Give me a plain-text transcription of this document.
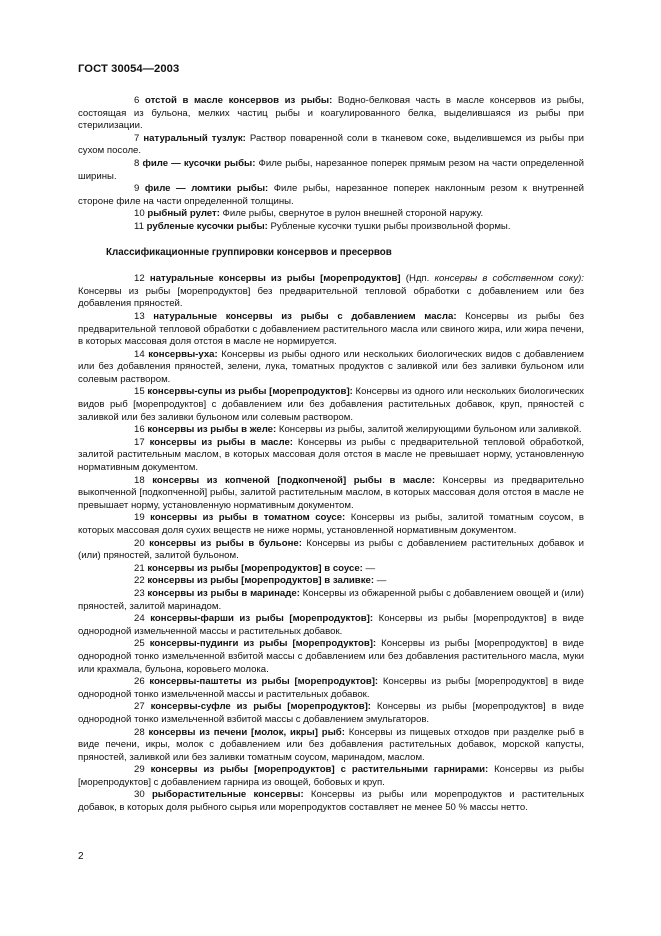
ГОСТ 30054—2003

6 отстой в масле консервов из рыбы: Водно-белковая часть в масле консервов из рыбы, состоящая из бульона, мелких частиц рыбы и коагулированного белка, выделившаяся из рыбы при стерилизации.

7 натуральный тузлук: Раствор поваренной соли в тканевом соке, выделившемся из рыбы при сухом посоле.

8 филе — кусочки рыбы: Филе рыбы, нарезанное поперек прямым резом на части определенной ширины.

9 филе — ломтики рыбы: Филе рыбы, нарезанное поперек наклонным резом к внутренней стороне филе на части определенной толщины.

10 рыбный рулет: Филе рыбы, свернутое в рулон внешней стороной наружу.

11 рубленые кусочки рыбы: Рубленые кусочки тушки рыбы произвольной формы.

Классификационные группировки консервов и пресервов

12 натуральные консервы из рыбы [морепродуктов] (Ндп. консервы в собственном соку): Консервы из рыбы [морепродуктов] без предварительной тепловой обработки с добавлением или без добавления пряностей.

13 натуральные консервы из рыбы с добавлением масла: Консервы из рыбы без предварительной тепловой обработки с добавлением растительного масла или свиного жира, или жира печени, в которых массовая доля отстоя в масле не нормируется.

14 консервы-уха: Консервы из рыбы одного или нескольких биологических видов с добавлением или без добавления пряностей, зелени, лука, томатных продуктов с заливкой или без заливки бульоном или солевым раствором.

15 консервы-супы из рыбы [морепродуктов]: Консервы из одного или нескольких биологических видов рыб [морепродуктов] с добавлением или без добавления растительных добавок, круп, пряностей с заливкой или без заливки бульоном или солевым раствором.

16 консервы из рыбы в желе: Консервы из рыбы, залитой желирующими бульоном или заливкой.

17 консервы из рыбы в масле: Консервы из рыбы с предварительной тепловой обработкой, залитой растительным маслом, в которых массовая доля отстоя в масле не превышает норму, установленную нормативным документом.

18 консервы из копченой [подкопченой] рыбы в масле: Консервы из предварительно выкопченной [подкопченной] рыбы, залитой растительным маслом, в которых массовая доля отстоя в масле не превышает норму, установленную нормативным документом.

19 консервы из рыбы в томатном соусе: Консервы из рыбы, залитой томатным соусом, в которых массовая доля сухих веществ не ниже нормы, установленной нормативным документом.

20 консервы из рыбы в бульоне: Консервы из рыбы с добавлением растительных добавок и (или) пряностей, залитой бульоном.

21 консервы из рыбы [морепродуктов] в соусе: —

22 консервы из рыбы [морепродуктов] в заливке: —

23 консервы из рыбы в маринаде: Консервы из обжаренной рыбы с добавлением овощей и (или) пряностей, залитой маринадом.

24 консервы-фарши из рыбы [морепродуктов]: Консервы из рыбы [морепродуктов] в виде однородной измельченной массы и растительных добавок.

25 консервы-пудинги из рыбы [морепродуктов]: Консервы из рыбы [морепродуктов] в виде однородной тонко измельченной взбитой массы с добавлением или без добавления растительного масла, муки или крахмала, бульона, коровьего молока.

26 консервы-паштеты из рыбы [морепродуктов]: Консервы из рыбы [морепродуктов] в виде однородной тонко измельченной массы и растительных добавок.

27 консервы-суфле из рыбы [морепродуктов]: Консервы из рыбы [морепродуктов] в виде однородной тонко измельченной взбитой массы с добавлением эмульгаторов.

28 консервы из печени [молок, икры] рыб: Консервы из пищевых отходов при разделке рыб в виде печени, икры, молок с добавлением или без добавления растительных добавок, морской капусты, пряностей, заливкой или без заливки томатным соусом, маринадом, маслом.

29 консервы из рыбы [морепродуктов] с растительными гарнирами: Консервы из рыбы [морепродуктов] с добавлением гарнира из овощей, бобовых и круп.

30 рыборастительные консервы: Консервы из рыбы или морепродуктов и растительных добавок, в которых доля рыбного сырья или морепродуктов составляет не менее 50 % массы нетто.

2
